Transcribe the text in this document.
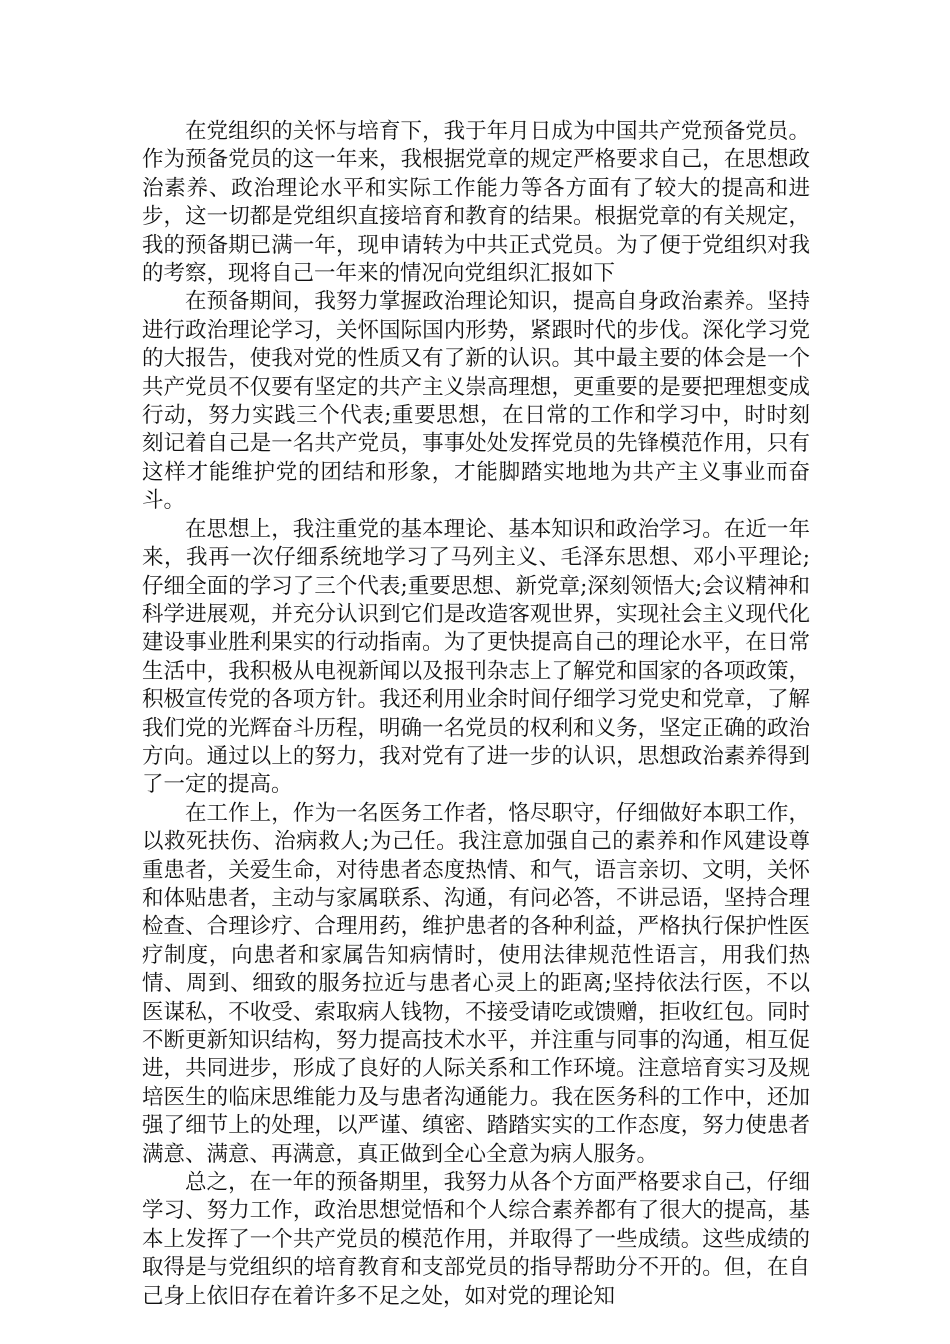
在党组织的关怀与培育下，我于年月日成为中国共产党预备党员。作为预备党员的这一年来，我根据党章的规定严格要求自己，在思想政治素养、政治理论水平和实际工作能力等各方面有了较大的提高和进步，这一切都是党组织直接培育和教育的结果。根据党章的有关规定，我的预备期已满一年，现申请转为中共正式党员。为了便于党组织对我的考察，现将自己一年来的情况向党组织汇报如下

在预备期间，我努力掌握政治理论知识，提高自身政治素养。坚持进行政治理论学习，关怀国际国内形势，紧跟时代的步伐。深化学习党的大报告，使我对党的性质又有了新的认识。其中最主要的体会是一个共产党员不仅要有坚定的共产主义崇高理想，更重要的是要把理想变成行动，努力实践三个代表;重要思想，在日常的工作和学习中，时时刻刻记着自己是一名共产党员，事事处处发挥党员的先锋模范作用，只有这样才能维护党的团结和形象，才能脚踏实地地为共产主义事业而奋斗。

在思想上，我注重党的基本理论、基本知识和政治学习。在近一年来，我再一次仔细系统地学习了马列主义、毛泽东思想、邓小平理论;仔细全面的学习了三个代表;重要思想、新党章;深刻领悟大;会议精神和科学进展观，并充分认识到它们是改造客观世界，实现社会主义现代化建设事业胜利果实的行动指南。为了更快提高自己的理论水平，在日常生活中，我积极从电视新闻以及报刊杂志上了解党和国家的各项政策，积极宣传党的各项方针。我还利用业余时间仔细学习党史和党章，了解我们党的光辉奋斗历程，明确一名党员的权利和义务，坚定正确的政治方向。通过以上的努力，我对党有了进一步的认识，思想政治素养得到了一定的提高。

在工作上，作为一名医务工作者，恪尽职守，仔细做好本职工作，以救死扶伤、治病救人;为己任。我注意加强自己的素养和作风建设尊重患者，关爱生命，对待患者态度热情、和气，语言亲切、文明，关怀和体贴患者，主动与家属联系、沟通，有问必答，不讲忌语，坚持合理检查、合理诊疗、合理用药，维护患者的各种利益，严格执行保护性医疗制度，向患者和家属告知病情时，使用法律规范性语言，用我们热情、周到、细致的服务拉近与患者心灵上的距离;坚持依法行医，不以医谋私，不收受、索取病人钱物，不接受请吃或馈赠，拒收红包。同时不断更新知识结构，努力提高技术水平，并注重与同事的沟通，相互促进，共同进步，形成了良好的人际关系和工作环境。注意培育实习及规培医生的临床思维能力及与患者沟通能力。我在医务科的工作中，还加强了细节上的处理，以严谨、缜密、踏踏实实的工作态度，努力使患者满意、满意、再满意，真正做到全心全意为病人服务。

总之，在一年的预备期里，我努力从各个方面严格要求自己，仔细学习、努力工作，政治思想觉悟和个人综合素养都有了很大的提高，基本上发挥了一个共产党员的模范作用，并取得了一些成绩。这些成绩的取得是与党组织的培育教育和支部党员的指导帮助分不开的。但，在自己身上依旧存在着许多不足之处，如对党的理论知
